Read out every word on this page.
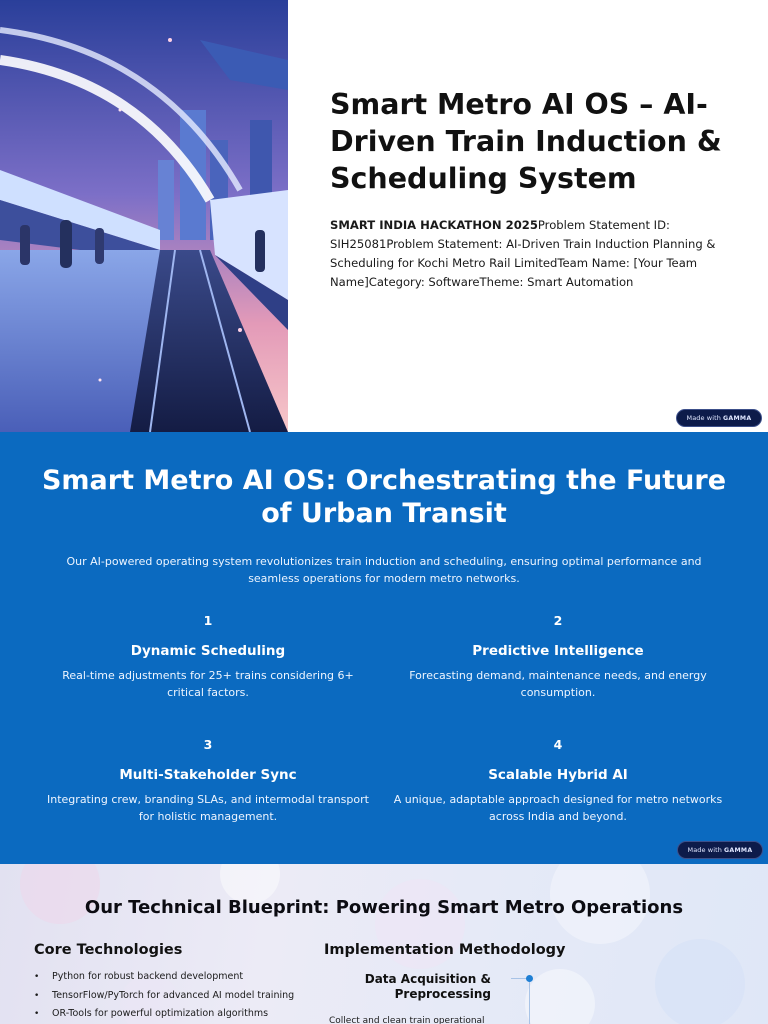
Smart Metro AI OS – AI-Driven Train Induction & Scheduling System
SMART INDIA HACKATHON 2025Problem Statement ID: SIH25081Problem Statement: AI-Driven Train Induction Planning & Scheduling for Kochi Metro Rail LimitedTeam Name: [Your Team Name]Category: SoftwareTheme: Smart Automation
Made with GAMMA
Smart Metro AI OS: Orchestrating the Future of Urban Transit
Our AI-powered operating system revolutionizes train induction and scheduling, ensuring optimal performance and seamless operations for modern metro networks.
1
Dynamic Scheduling
Real-time adjustments for 25+ trains considering 6+ critical factors.
2
Predictive Intelligence
Forecasting demand, maintenance needs, and energy consumption.
3
Multi-Stakeholder Sync
Integrating crew, branding SLAs, and intermodal transport for holistic management.
4
Scalable Hybrid AI
A unique, adaptable approach designed for metro networks across India and beyond.
Made with GAMMA
Our Technical Blueprint: Powering Smart Metro Operations
Core Technologies
• Python for robust backend development
• TensorFlow/PyTorch for advanced AI model training
• OR-Tools for powerful optimization algorithms
Implementation Methodology
Data Acquisition & Preprocessing
Collect and clean train operational
